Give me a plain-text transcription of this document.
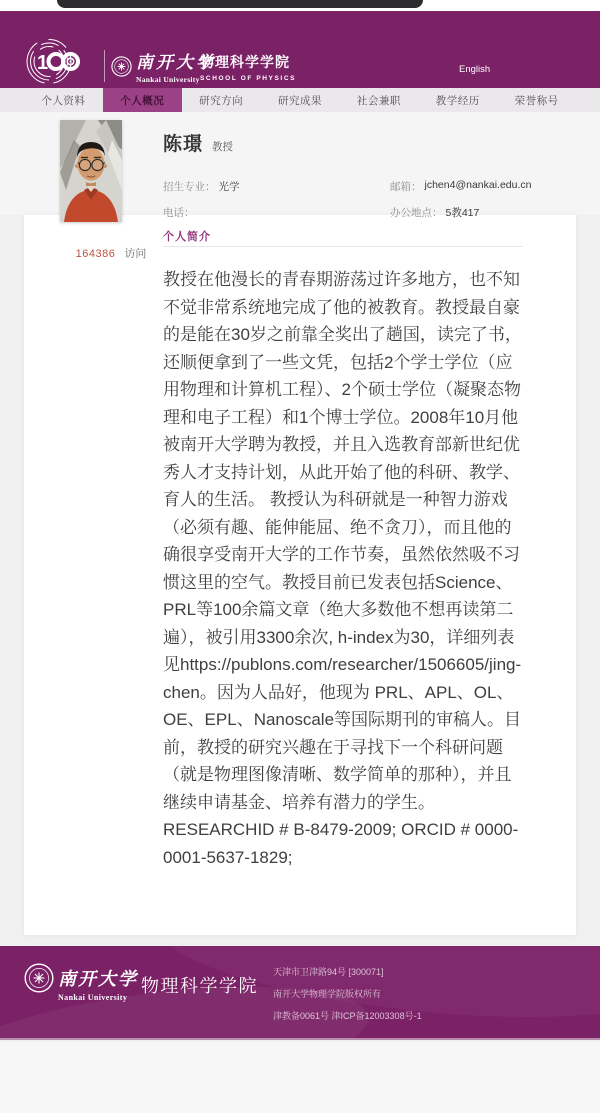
1	南开大学
Nankai University
物理科学学院
SCHOOL OF PHYSICS
English
个人资料	个人概况	研究方向	研究成果	社会兼职	教学经历	荣誉称号
陈璟 教授
招生专业： 光学	邮箱： jchen4@nankai.edu.cn
电话：	办公地点： 5教417
164386 访问
个人简介

教授在他漫长的青春期游荡过许多地方，也不知不觉非常系统地完成了他的被教育。教授最自豪的是能在30岁之前靠全奖出了趟国，读完了书，还顺便拿到了一些文凭，包括2个学士学位（应用物理和计算机工程）、2个硕士学位（凝聚态物理和电子工程）和1个博士学位。2008年10月他被南开大学聘为教授，并且入选教育部新世纪优秀人才支持计划，从此开始了他的科研、教学、育人的生活。 教授认为科研就是一种智力游戏（必须有趣、能伸能屈、绝不贪刀），而且他的确很享受南开大学的工作节奏，虽然依然吸不习惯这里的空气。教授目前已发表包括Science、PRL等100余篇文章（绝大多数他不想再读第二遍），被引用3300余次, h-index为30，详细列表见https://publons.com/researcher/1506605/jing-chen。因为人品好，他现为 PRL、APL、OL、OE、EPL、Nanoscale等国际期刊的审稿人。目前，教授的研究兴趣在于寻找下一个科研问题（就是物理图像清晰、数学简单的那种），并且继续申请基金、培养有潜力的学生。

RESEARCHID # B-8479-2009; ORCID # 0000-0001-5637-1829;

南开大学
Nankai University
物理科学学院
天津市卫津路94号 [300071]
南开大学物理学院版权所有
津教备0061号 津ICP备12003308号-1
